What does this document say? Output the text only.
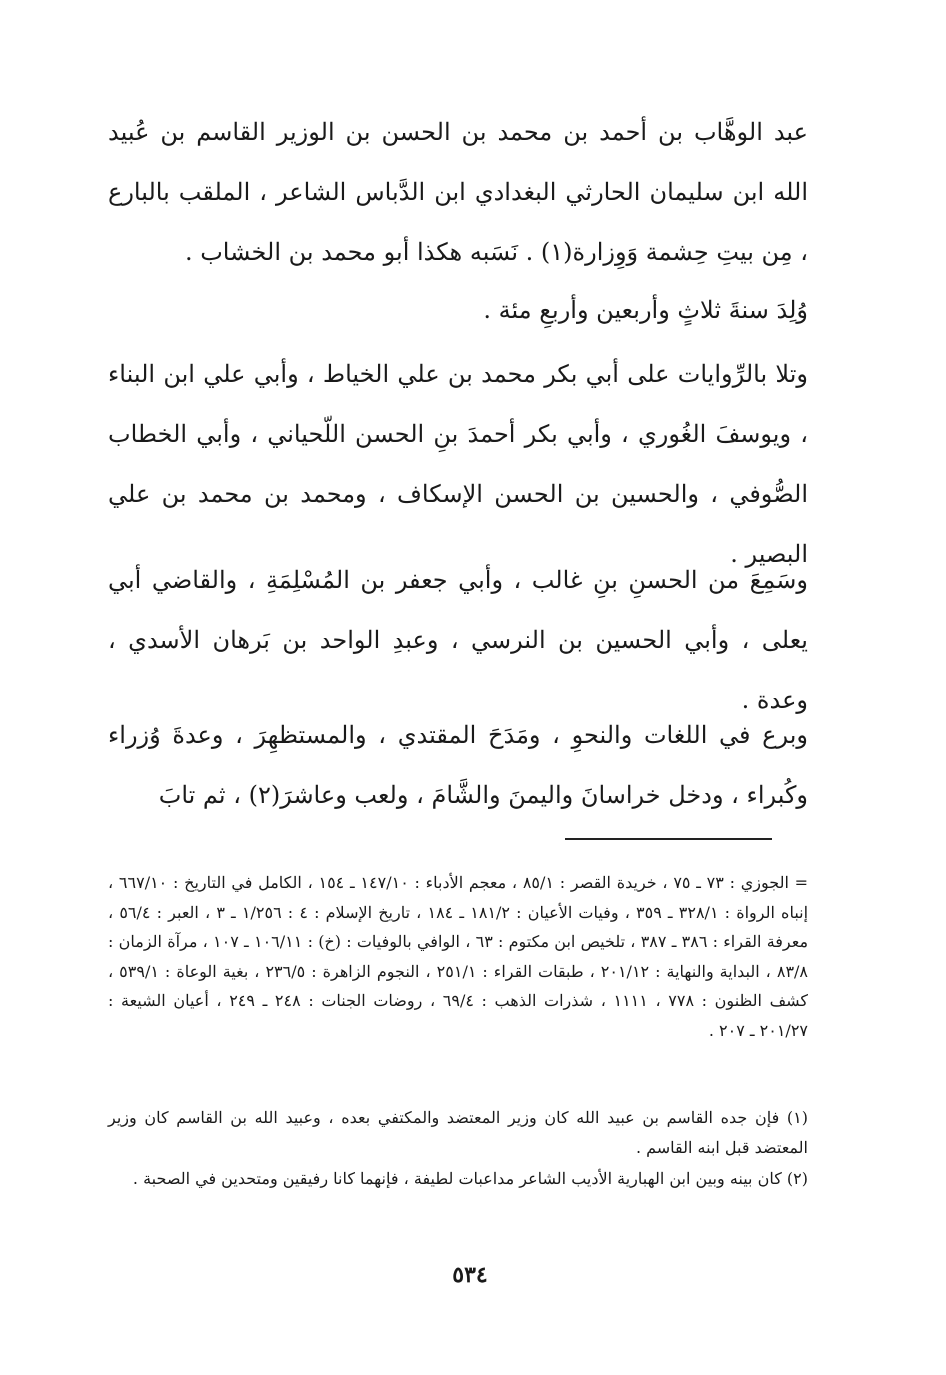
عبد الوهَّاب بن أحمد بن محمد بن الحسن بن الوزير القاسم بن عُبيد الله ابن سليمان الحارثي البغدادي ابن الدَّباس الشاعر ، الملقب بالبارع ، مِن بيتِ حِشمة وَوِزارة(١) . نَسَبه هكذا أبو محمد بن الخشاب .

وُلِدَ سنةَ ثلاثٍ وأربعين وأربعِ مئة .

وتلا بالرِّوايات على أبي بكر محمد بن علي الخياط ، وأبي علي ابن البناء ، ويوسفَ الغُوري ، وأبي بكر أحمدَ بنِ الحسن اللّحياني ، وأبي الخطاب الصُّوفي ، والحسين بن الحسن الإسكاف ، ومحمد بن محمد بن علي البصير .

وسَمِعَ من الحسنِ بنِ غالب ، وأبي جعفر بن المُسْلِمَةِ ، والقاضي أبي يعلى ، وأبي الحسين بن النرسي ، وعبدِ الواحد بن بَرهان الأسدي ، وعدة .

وبرع في اللغات والنحوِ ، ومَدَحَ المقتدي ، والمستظهِرَ ، وعدةَ وُزراء وكُبراء ، ودخل خراسانَ واليمنَ والشَّامَ ، ولعب وعاشرَ(٢) ، ثم تابَ

= الجوزي : ٧٣ ـ ٧٥ ، خريدة القصر : ٨٥/١ ، معجم الأدباء : ١٤٧/١٠ ـ ١٥٤ ، الكامل في التاريخ : ٦٦٧/١٠ ، إنباه الرواة : ٣٢٨/١ ـ ٣٥٩ ، وفيات الأعيان : ١٨١/٢ ـ ١٨٤ ، تاريخ الإسلام : ٤ : ١/٢٥٦ ـ ٣ ، العبر : ٥٦/٤ ، معرفة القراء : ٣٨٦ ـ ٣٨٧ ، تلخيص ابن مكتوم : ٦٣ ، الوافي بالوفيات : (خ) : ١٠٦/١١ ـ ١٠٧ ، مرآة الزمان : ٨٣/٨ ، البداية والنهاية : ٢٠١/١٢ ، طبقات القراء : ٢٥١/١ ، النجوم الزاهرة : ٢٣٦/٥ ، بغية الوعاة : ٥٣٩/١ ، كشف الظنون : ٧٧٨ ، ١١١١ ، شذرات الذهب : ٦٩/٤ ، روضات الجنات : ٢٤٨ ـ ٢٤٩ ، أعيان الشيعة : ٢٠١/٢٧ ـ ٢٠٧ .

(١) فإن جده القاسم بن عبيد الله كان وزير المعتضد والمكتفي بعده ، وعبيد الله بن القاسم كان وزير المعتضد قبل ابنه القاسم .

(٢) كان بينه وبين ابن الهبارية الأديب الشاعر مداعبات لطيفة ، فإنهما كانا رفيقين ومتحدين في الصحبة .

٥٣٤
